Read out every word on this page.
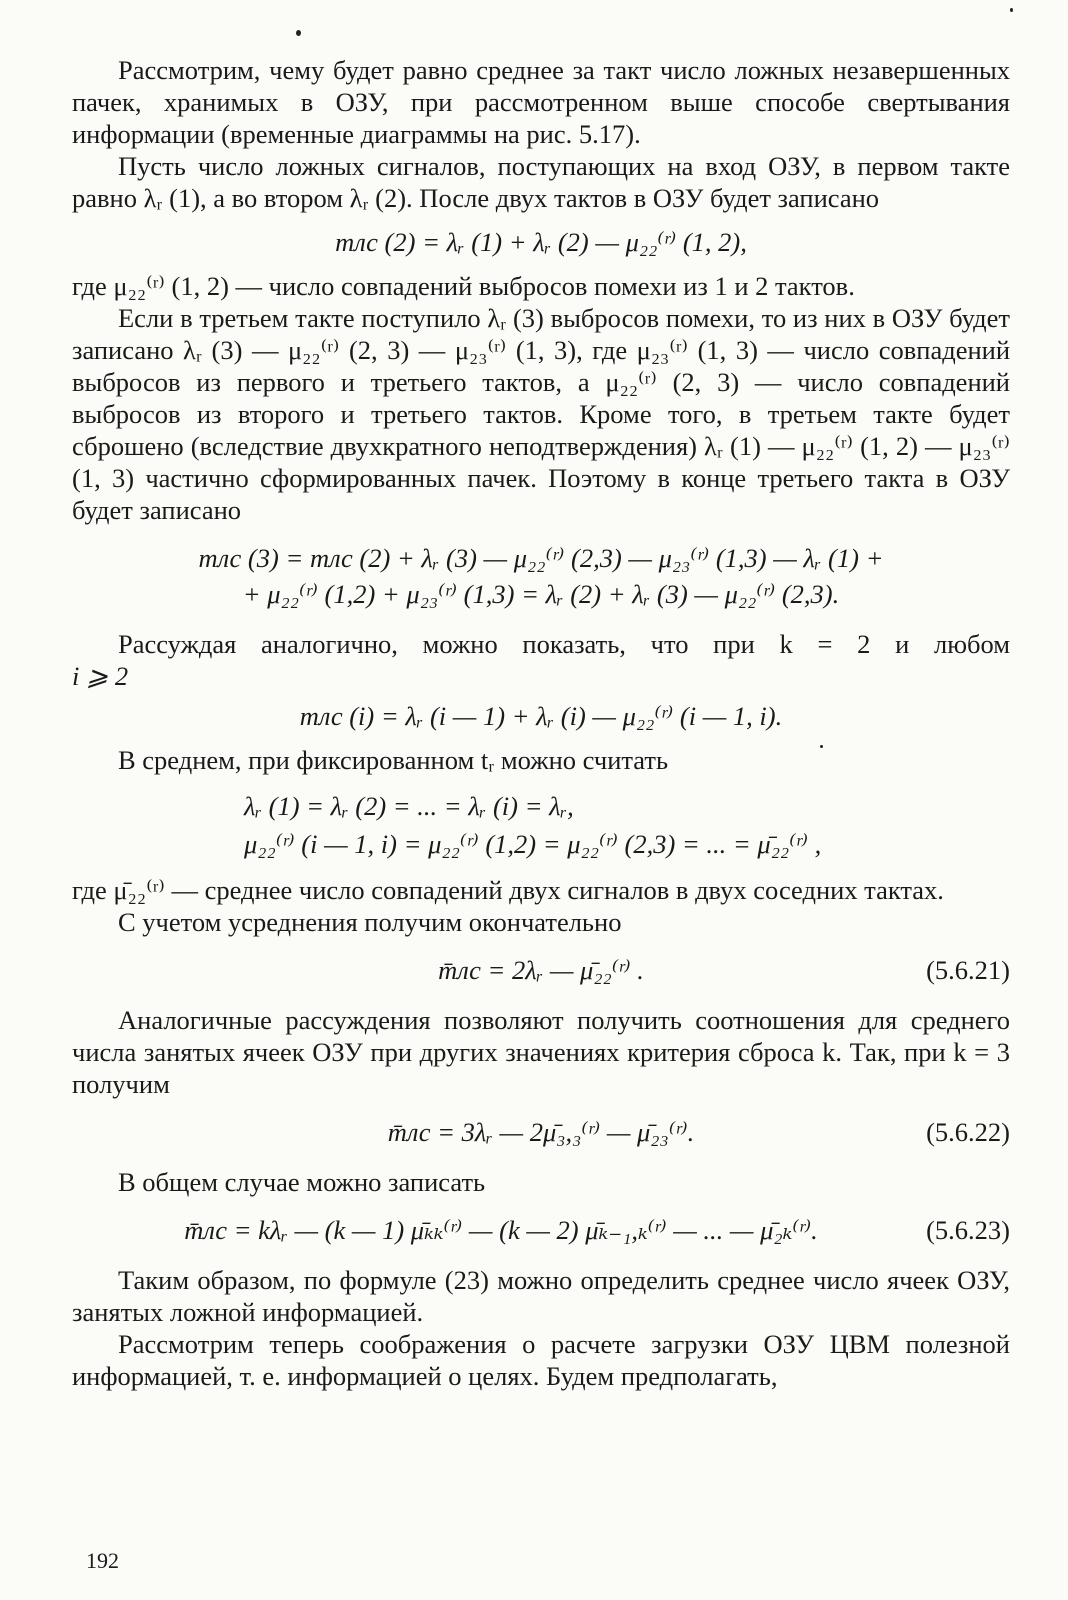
Рассмотрим, чему будет равно среднее за такт число ложных незавершенных пачек, хранимых в ОЗУ, при рассмотренном выше способе свертывания информации (временные диаграммы на рис. 5.17).

Пусть число ложных сигналов, поступающих на вход ОЗУ, в первом такте равно λᵣ (1), а во втором λᵣ (2). После двух тактов в ОЗУ будет записано

mлс (2) = λᵣ (1) + λᵣ (2) — μ₂₂⁽ʳ⁾ (1, 2),

где μ₂₂⁽ʳ⁾ (1, 2) — число совпадений выбросов помехи из 1 и 2 тактов.

Если в третьем такте поступило λᵣ (3) выбросов помехи, то из них в ОЗУ будет записано λᵣ (3) — μ₂₂⁽ʳ⁾ (2, 3) — μ₂₃⁽ʳ⁾ (1, 3), где μ₂₃⁽ʳ⁾ (1, 3) — число совпадений выбросов из первого и третьего тактов, а μ₂₂⁽ʳ⁾ (2, 3) — число совпадений выбросов из второго и третьего тактов. Кроме того, в третьем такте будет сброшено (вследствие двухкратного неподтверждения) λᵣ (1) — μ₂₂⁽ʳ⁾ (1, 2) — μ₂₃⁽ʳ⁾ (1, 3) частично сформированных пачек. Поэтому в конце третьего такта в ОЗУ будет записано

mлс (3) = mлс (2) + λᵣ (3) — μ₂₂⁽ʳ⁾ (2,3) — μ₂₃⁽ʳ⁾ (1,3) — λᵣ (1) +
+ μ₂₂⁽ʳ⁾ (1,2) + μ₂₃⁽ʳ⁾ (1,3) = λᵣ (2) + λᵣ (3) — μ₂₂⁽ʳ⁾ (2,3).

Рассуждая аналогично, можно показать, что при k = 2 и любом

i ⩾ 2

mлс (i) = λᵣ (i — 1) + λᵣ (i) — μ₂₂⁽ʳ⁾ (i — 1, i).

В среднем, при фиксированном tᵣ можно считать

λᵣ (1) = λᵣ (2) = ... = λᵣ (i) = λᵣ,
μ₂₂⁽ʳ⁾ (i — 1, i) = μ₂₂⁽ʳ⁾ (1,2) = μ₂₂⁽ʳ⁾ (2,3) = ... = μ̄₂₂⁽ʳ⁾ ,

где μ̄₂₂⁽ʳ⁾ — среднее число совпадений двух сигналов в двух соседних тактах.

С учетом усреднения получим окончательно

m̄лс = 2λᵣ — μ̄₂₂⁽ʳ⁾ .	(5.6.21)

Аналогичные рассуждения позволяют получить соотношения для среднего числа занятых ячеек ОЗУ при других значениях критерия сброса k. Так, при k = 3 получим

m̄лс = 3λᵣ — 2μ̄₃,₃⁽ʳ⁾ — μ̄₂₃⁽ʳ⁾.	(5.6.22)

В общем случае можно записать

m̄лс = kλᵣ — (k — 1) μ̄ₖₖ⁽ʳ⁾ — (k — 2) μ̄ₖ₋₁,ₖ⁽ʳ⁾ — ... — μ̄₂ₖ⁽ʳ⁾.	(5.6.23)

Таким образом, по формуле (23) можно определить среднее число ячеек ОЗУ, занятых ложной информацией.

Рассмотрим теперь соображения о расчете загрузки ОЗУ ЦВМ полезной информацией, т. е. информацией о целях. Будем предполагать,

192
